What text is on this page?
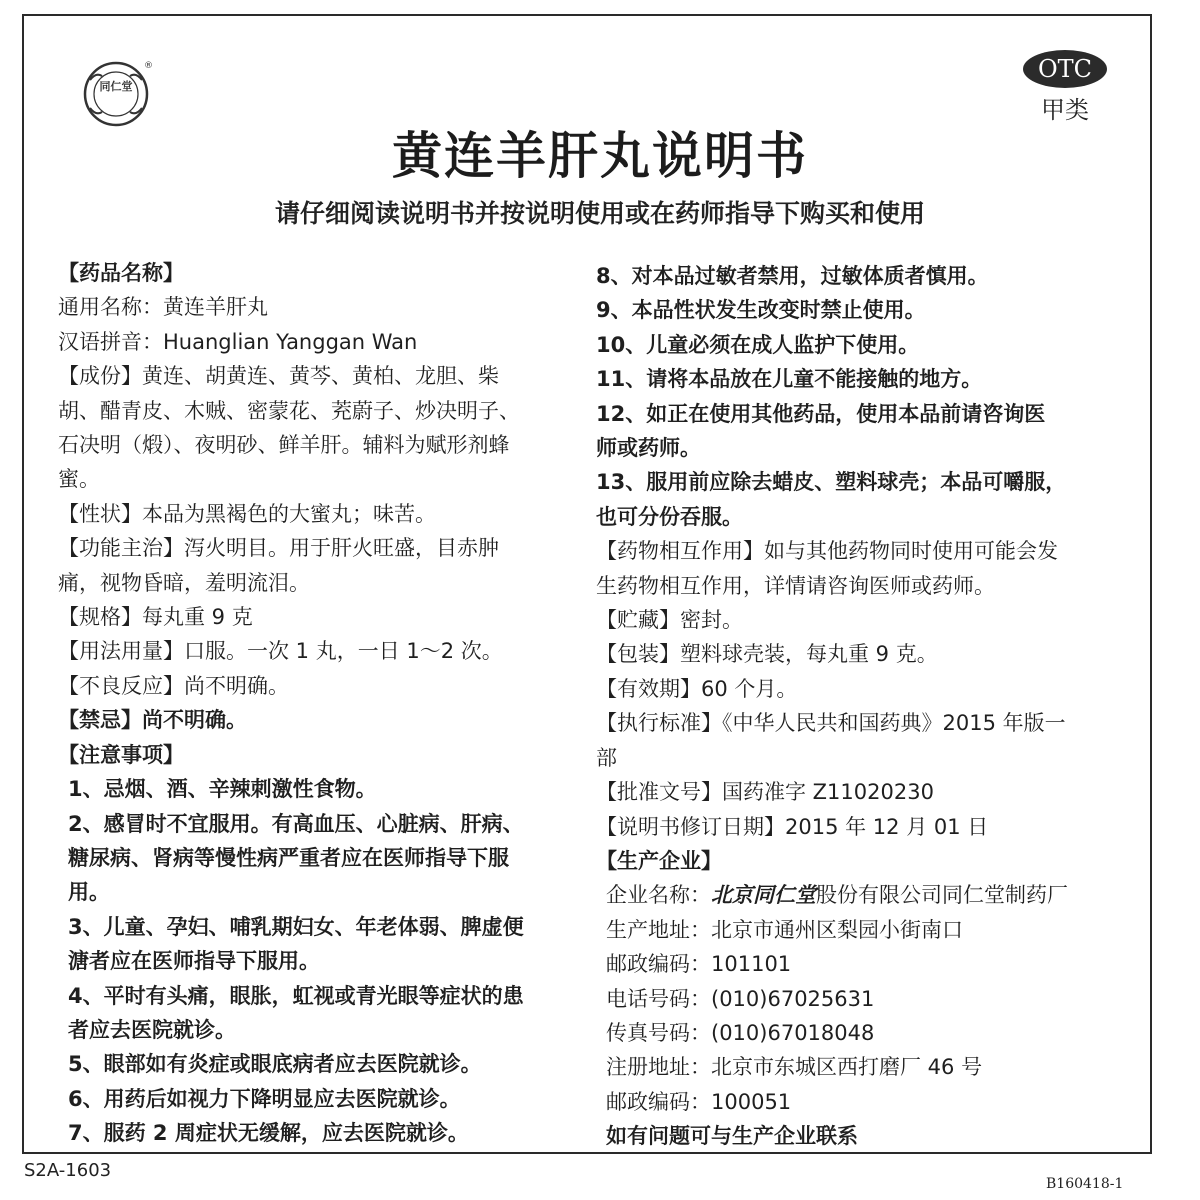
同仁堂
®	OTC
甲类
黄连羊肝丸说明书
请仔细阅读说明书并按说明使用或在药师指导下购买和使用
【药品名称】
通用名称：黄连羊肝丸
汉语拼音：Huanglian Yanggan Wan
【成份】黄连、胡黄连、黄芩、黄柏、龙胆、柴
胡、醋青皮、木贼、密蒙花、茺蔚子、炒决明子、
石决明（煅）、夜明砂、鲜羊肝。辅料为赋形剂蜂
蜜。
【性状】本品为黑褐色的大蜜丸；味苦。
【功能主治】泻火明目。用于肝火旺盛，目赤肿
痛，视物昏暗，羞明流泪。
【规格】每丸重 9 克
【用法用量】口服。一次 1 丸，一日 1～2 次。
【不良反应】尚不明确。
【禁忌】尚不明确。
【注意事项】
1、忌烟、酒、辛辣刺激性食物。
2、感冒时不宜服用。有高血压、心脏病、肝病、
糖尿病、肾病等慢性病严重者应在医师指导下服
用。
3、儿童、孕妇、哺乳期妇女、年老体弱、脾虚便
溏者应在医师指导下服用。
4、平时有头痛，眼胀，虹视或青光眼等症状的患
者应去医院就诊。
5、眼部如有炎症或眼底病者应去医院就诊。
6、用药后如视力下降明显应去医院就诊。
7、服药 2 周症状无缓解，应去医院就诊。
8、对本品过敏者禁用，过敏体质者慎用。
9、本品性状发生改变时禁止使用。
10、儿童必须在成人监护下使用。
11、请将本品放在儿童不能接触的地方。
12、如正在使用其他药品，使用本品前请咨询医
师或药师。
13、服用前应除去蜡皮、塑料球壳；本品可嚼服，
也可分份吞服。
【药物相互作用】如与其他药物同时使用可能会发
生药物相互作用，详情请咨询医师或药师。
【贮藏】密封。
【包装】塑料球壳装，每丸重 9 克。
【有效期】60 个月。
【执行标准】《中华人民共和国药典》2015 年版一
部
【批准文号】国药准字 Z11020230
【说明书修订日期】2015 年 12 月 01 日
【生产企业】
企业名称：北京同仁堂股份有限公司同仁堂制药厂
生产地址：北京市通州区梨园小街南口
邮政编码：101101
电话号码：(010)67025631
传真号码：(010)67018048
注册地址：北京市东城区西打磨厂 46 号
邮政编码：100051
如有问题可与生产企业联系
S2A-1603
B160418-1
